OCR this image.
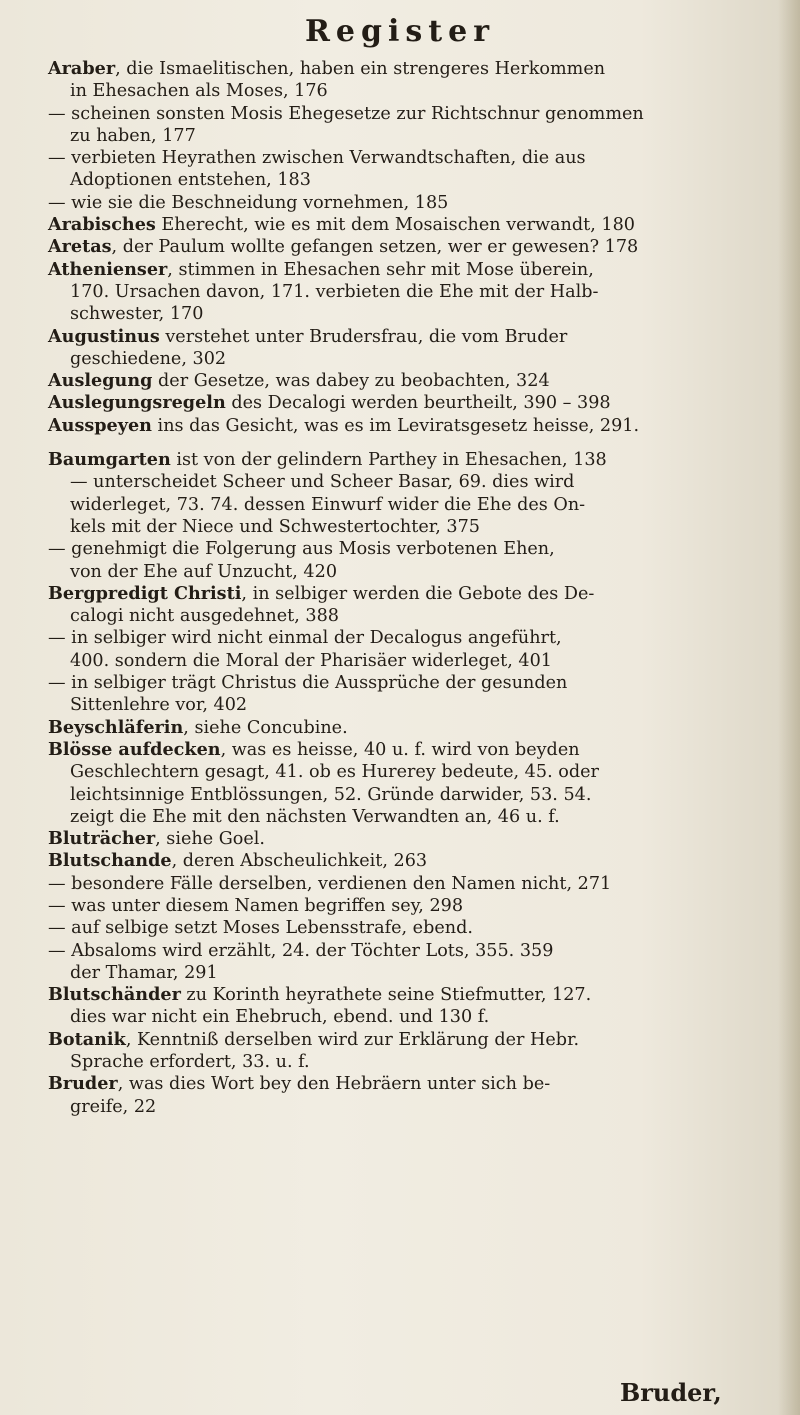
Register
Araber, die Ismaelitischen, haben ein strengeres Herkommen
in Ehesachen als Moses, 176
— scheinen sonsten Mosis Ehegesetze zur Richtschnur genommen
zu haben, 177
— verbieten Heyrathen zwischen Verwandtschaften, die aus
Adoptionen entstehen, 183
— wie sie die Beschneidung vornehmen, 185
Arabisches Eherecht, wie es mit dem Mosaischen verwandt, 180
Aretas, der Paulum wollte gefangen setzen, wer er gewesen? 178
Athenienser, stimmen in Ehesachen sehr mit Mose überein,
170. Ursachen davon, 171. verbieten die Ehe mit der Halb-
schwester, 170
Augustinus verstehet unter Brudersfrau, die vom Bruder
geschiedene, 302
Auslegung der Gesetze, was dabey zu beobachten, 324
Auslegungsregeln des Decalogi werden beurtheilt, 390 – 398
Ausspeyen ins das Gesicht, was es im Leviratsgesetz heisse, 291.
Baumgarten ist von der gelindern Parthey in Ehesachen, 138
— unterscheidet Scheer und Scheer Basar, 69. dies wird
widerleget, 73. 74. dessen Einwurf wider die Ehe des On-
kels mit der Niece und Schwestertochter, 375
— genehmigt die Folgerung aus Mosis verbotenen Ehen,
von der Ehe auf Unzucht, 420
Bergpredigt Christi, in selbiger werden die Gebote des De-
calogi nicht ausgedehnet, 388
— in selbiger wird nicht einmal der Decalogus angeführt,
400. sondern die Moral der Pharisäer widerleget, 401
— in selbiger trägt Christus die Aussprüche der gesunden
Sittenlehre vor, 402
Beyschläferin, siehe Concubine.
Blösse aufdecken, was es heisse, 40 u. f. wird von beyden
Geschlechtern gesagt, 41. ob es Hurerey bedeute, 45. oder
leichtsinnige Entblössungen, 52. Gründe darwider, 53. 54.
zeigt die Ehe mit den nächsten Verwandten an, 46 u. f.
Bluträcher, siehe Goel.
Blutschande, deren Abscheulichkeit, 263
— besondere Fälle derselben, verdienen den Namen nicht, 271
— was unter diesem Namen begriffen sey, 298
— auf selbige setzt Moses Lebensstrafe, ebend.
— Absaloms wird erzählt, 24. der Töchter Lots, 355. 359
der Thamar, 291
Blutschänder zu Korinth heyrathete seine Stiefmutter, 127.
dies war nicht ein Ehebruch, ebend. und 130 f.
Botanik, Kenntniß derselben wird zur Erklärung der Hebr.
Sprache erfordert, 33. u. f.
Bruder, was dies Wort bey den Hebräern unter sich be-
greife, 22
Bruder,
